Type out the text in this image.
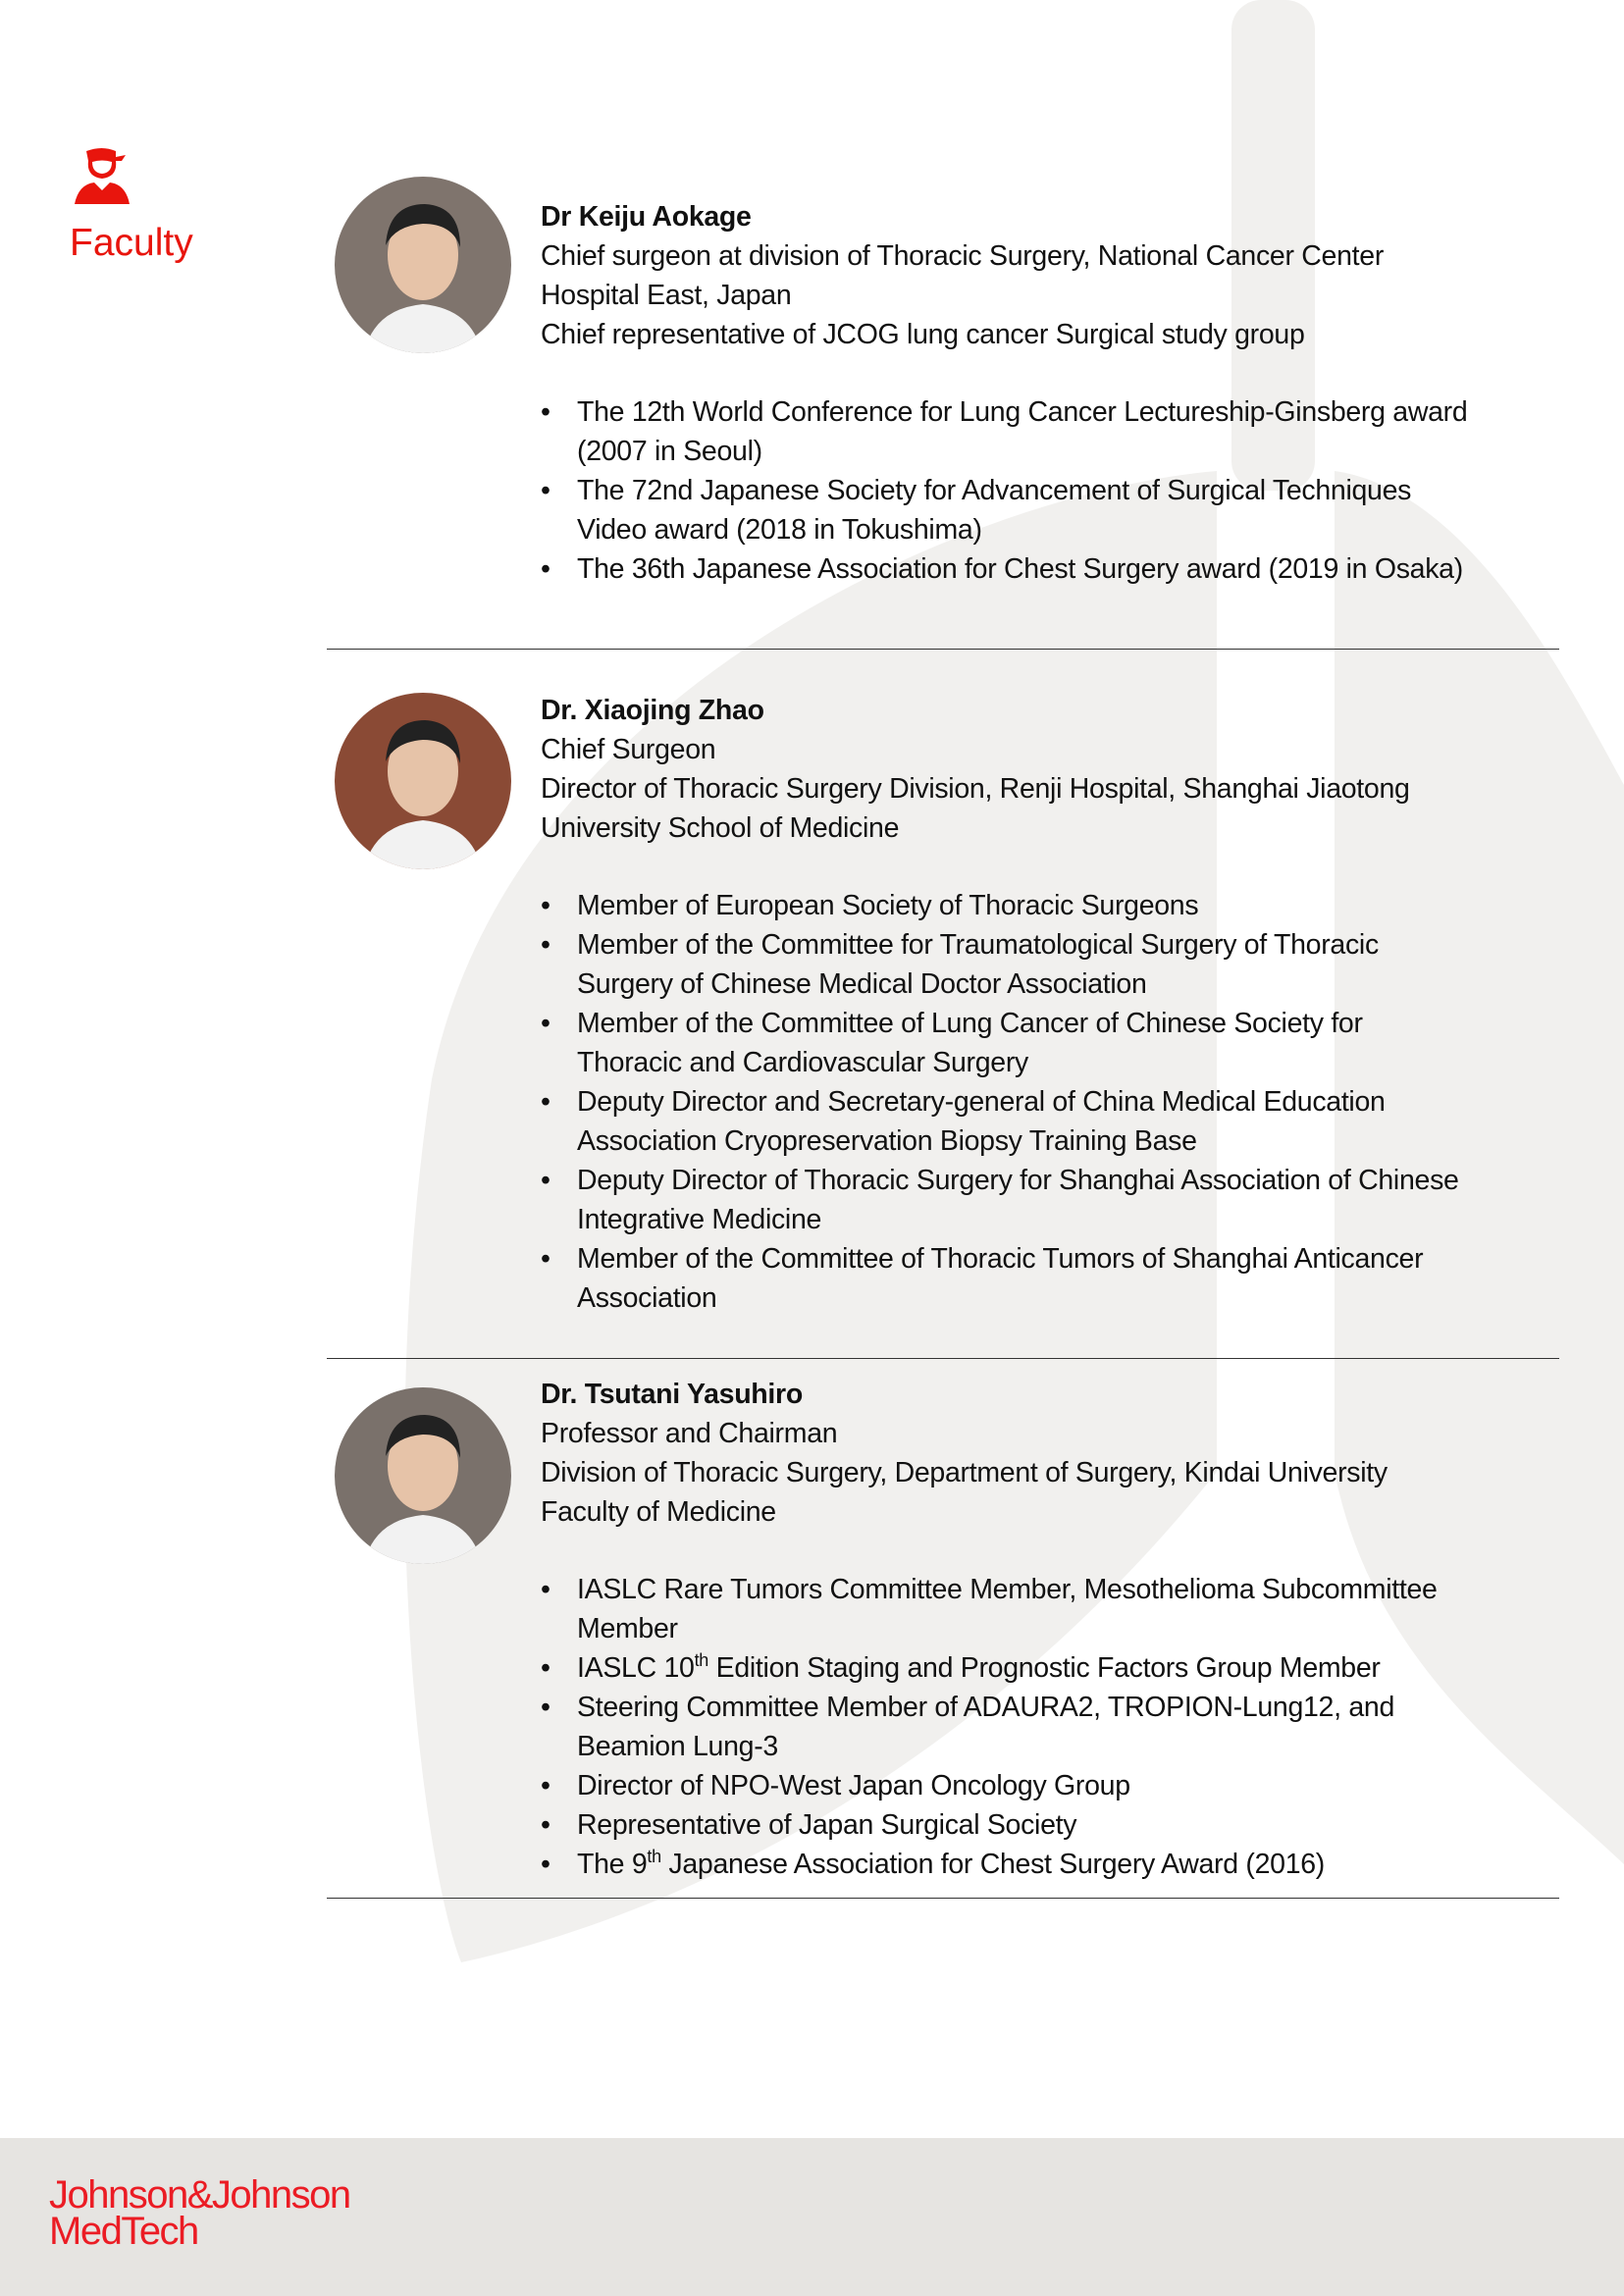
Faculty
Dr Keiju Aokage
Chief surgeon at division of Thoracic Surgery, National Cancer Center
Hospital East, Japan
Chief representative of JCOG lung cancer Surgical study group
• The 12th World Conference for Lung Cancer Lectureship-Ginsberg award
(2007 in Seoul)
• The 72nd Japanese Society for Advancement of Surgical Techniques
Video award (2018 in Tokushima)
• The 36th Japanese Association for Chest Surgery award (2019 in Osaka)
Dr. Xiaojing Zhao
Chief Surgeon
Director of Thoracic Surgery Division, Renji Hospital, Shanghai Jiaotong
University School of Medicine
• Member of European Society of Thoracic Surgeons
• Member of the Committee for Traumatological Surgery of Thoracic
Surgery of Chinese Medical Doctor Association
• Member of the Committee of Lung Cancer of Chinese Society for
Thoracic and Cardiovascular Surgery
• Deputy Director and Secretary-general of China Medical Education
Association Cryopreservation Biopsy Training Base
• Deputy Director of Thoracic Surgery for Shanghai Association of Chinese
Integrative Medicine
• Member of the Committee of Thoracic Tumors of Shanghai Anticancer
Association
Dr. Tsutani Yasuhiro
Professor and Chairman
Division of Thoracic Surgery, Department of Surgery, Kindai University
Faculty of Medicine
• IASLC Rare Tumors Committee Member, Mesothelioma Subcommittee
Member
• IASLC 10th Edition Staging and Prognostic Factors Group Member
• Steering Committee Member of ADAURA2, TROPION-Lung12, and
Beamion Lung-3
• Director of NPO-West Japan Oncology Group
• Representative of Japan Surgical Society
• The 9th Japanese Association for Chest Surgery Award (2016)
Johnson&Johnson
MedTech
